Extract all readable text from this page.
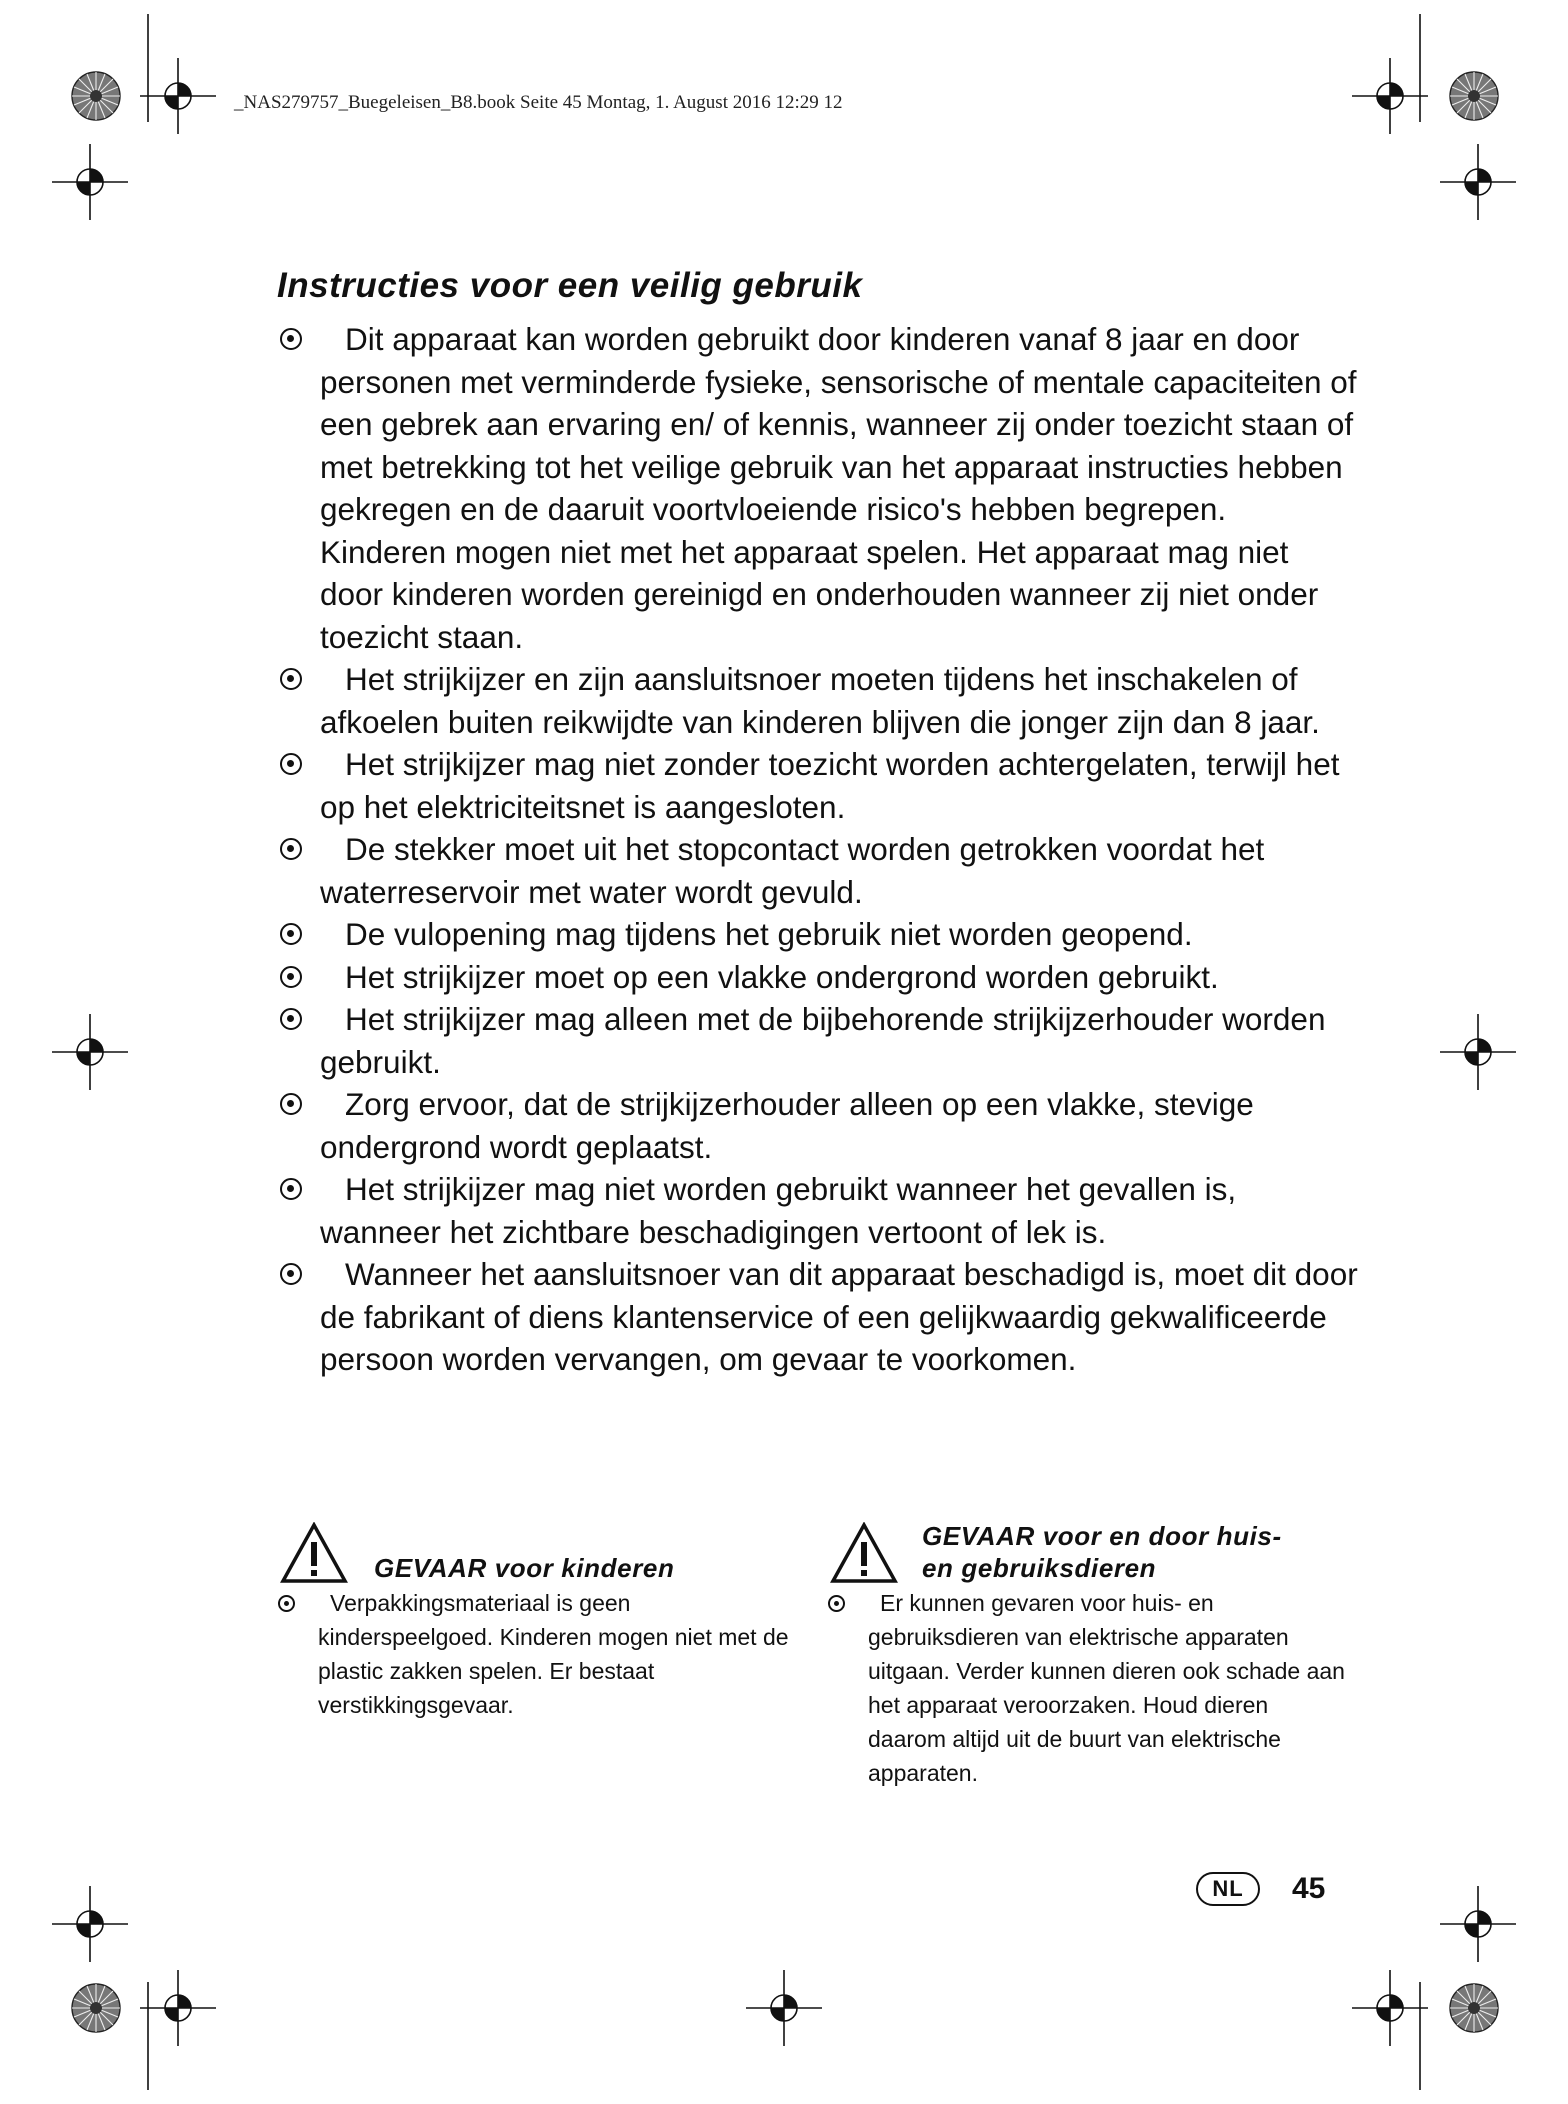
_NAS279757_Buegeleisen_B8.book Seite 45 Montag, 1. August 2016 12:29 12
Instructies voor een veilig gebruik
Dit apparaat kan worden gebruikt door kinderen vanaf 8 jaar en door personen met verminderde fysieke, sensorische of mentale capaciteiten of een gebrek aan ervaring en/ of kennis, wanneer zij onder toezicht staan of met betrekking tot het veilige gebruik van het apparaat instructies hebben gekregen en de daaruit voortvloeiende risico's hebben begrepen. Kinderen mogen niet met het apparaat spelen. Het apparaat mag niet door kinderen worden gereinigd en onderhouden wanneer zij niet onder toezicht staan.
Het strijkijzer en zijn aansluitsnoer moeten tijdens het inschakelen of afkoelen buiten reikwijdte van kinderen blijven die jonger zijn dan 8 jaar.
Het strijkijzer mag niet zonder toezicht worden achtergelaten, terwijl het op het elektriciteitsnet is aangesloten.
De stekker moet uit het stopcontact worden getrokken voordat het waterreservoir met water wordt gevuld.
De vulopening mag tijdens het gebruik niet worden geopend.
Het strijkijzer moet op een vlakke ondergrond worden gebruikt.
Het strijkijzer mag alleen met de bijbehorende strijkijzerhouder worden gebruikt.
Zorg ervoor, dat de strijkijzerhouder alleen op een vlakke, stevige ondergrond wordt geplaatst.
Het strijkijzer mag niet worden gebruikt wanneer het gevallen is, wanneer het zichtbare beschadigingen vertoont of lek is.
Wanneer het aansluitsnoer van dit apparaat beschadigd is, moet dit door de fabrikant of diens klantenservice of een gelijkwaardig gekwalificeerde persoon worden vervangen, om gevaar te voorkomen.
GEVAAR voor kinderen

Verpakkingsmateriaal is geen kinderspeelgoed. Kinderen mogen niet met de plastic zakken spelen. Er bestaat verstikkingsgevaar.

GEVAAR voor en door huis-
en gebruiksdieren

Er kunnen gevaren voor huis- en gebruiksdieren van elektrische apparaten uitgaan. Verder kunnen dieren ook schade aan het apparaat veroorzaken. Houd dieren daarom altijd uit de buurt van elektrische apparaten.

NL	45
